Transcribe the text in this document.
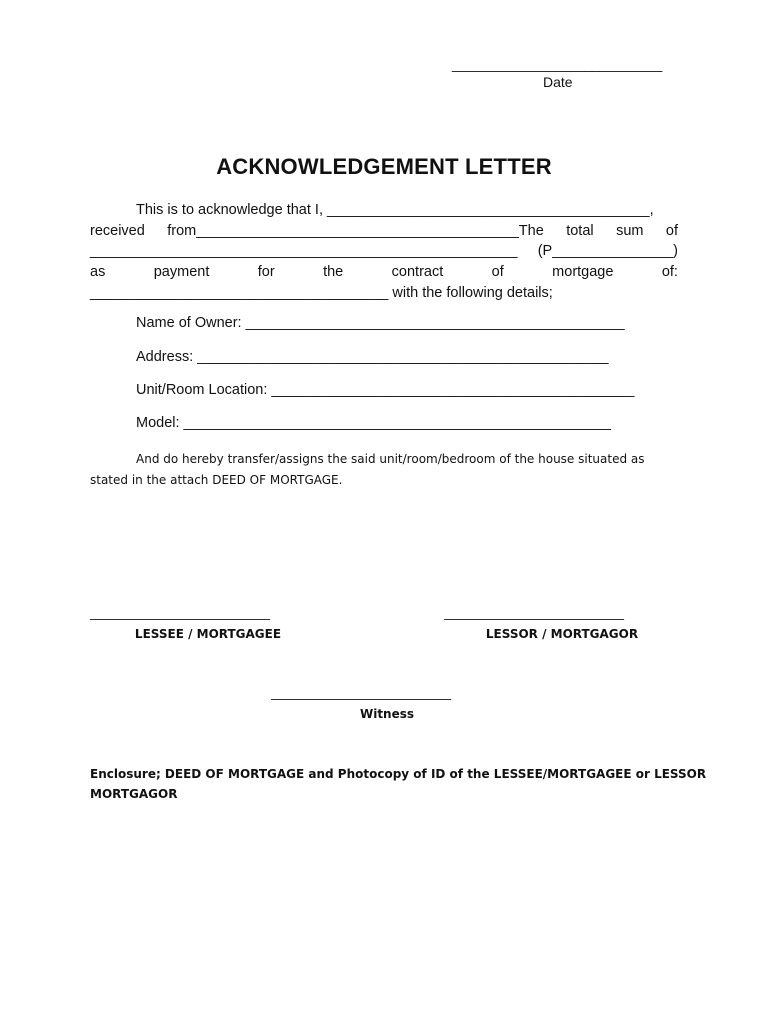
___________________________
Date
ACKNOWLEDGEMENT LETTER
This is to acknowledge that I, ________________________________________,
received from________________________________________The total sum of
_____________________________________________________ (P_______________)
as	payment	for	the	contract	of	mortgage	of:
_____________________________________ with the following details;
Name of Owner: _______________________________________________
Address: ___________________________________________________
Unit/Room Location: _____________________________________________
Model: _____________________________________________________
And do hereby transfer/assigns the said unit/room/bedroom of the house situated as
stated in the attach DEED OF MORTGAGE.
______________________________
LESSEE / MORTGAGEE
______________________________
LESSOR / MORTGAGOR
______________________________
Witness
Enclosure; DEED OF MORTGAGE and Photocopy of ID of the LESSEE/MORTGAGEE or LESSOR
MORTGAGOR
